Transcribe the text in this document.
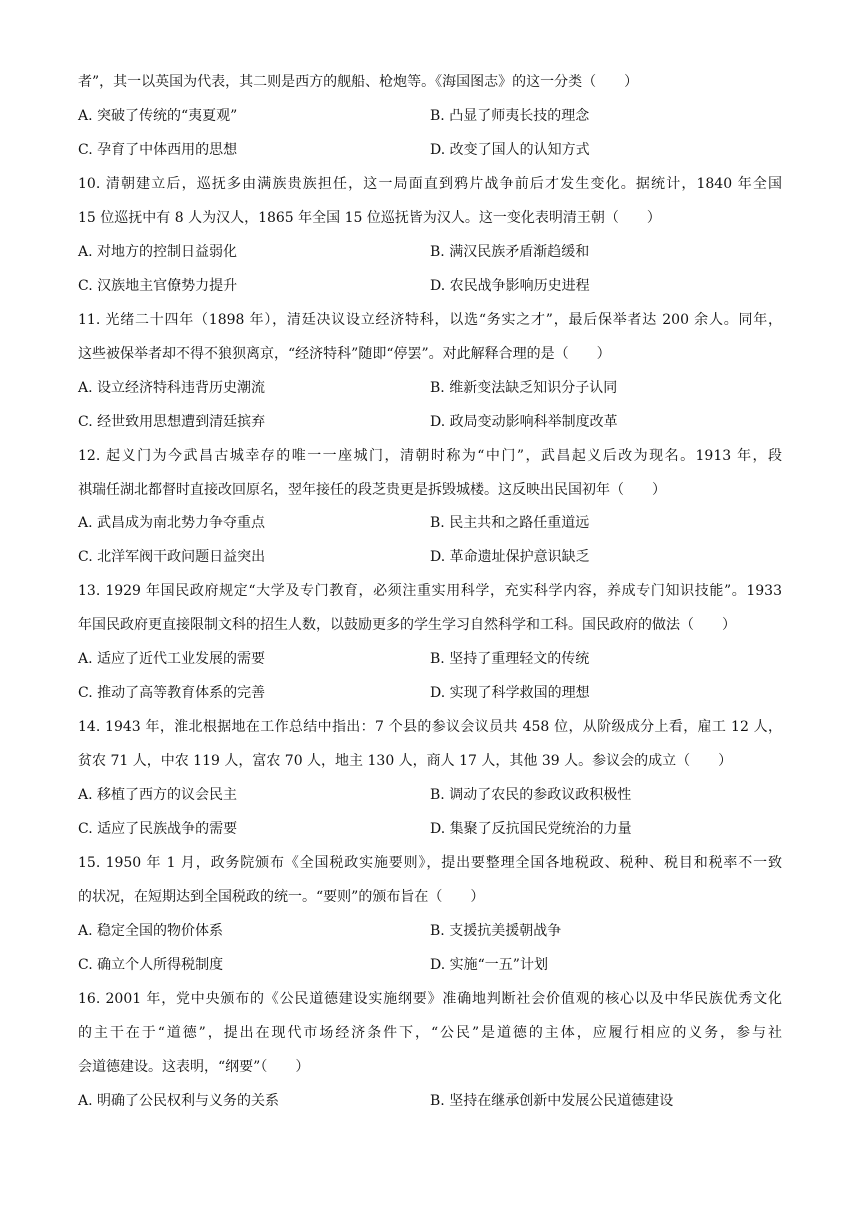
者”，其一以英国为代表，其二则是西方的舰船、枪炮等。《海国图志》的这一分类（　　）
A. 突破了传统的“夷夏观”	B. 凸显了师夷长技的理念
C. 孕育了中体西用的思想	D. 改变了国人的认知方式
10. 清朝建立后，巡抚多由满族贵族担任，这一局面直到鸦片战争前后才发生变化。据统计，1840 年全国
15 位巡抚中有 8 人为汉人，1865 年全国 15 位巡抚皆为汉人。这一变化表明清王朝（　　）
A. 对地方的控制日益弱化	B. 满汉民族矛盾渐趋缓和
C. 汉族地主官僚势力提升	D. 农民战争影响历史进程
11. 光绪二十四年（1898 年），清廷决议设立经济特科，以选“务实之才”，最后保举者达 200 余人。同年，
这些被保举者却不得不狼狈离京，“经济特科”随即“停罢”。对此解释合理的是（　　）
A. 设立经济特科违背历史潮流	B. 维新变法缺乏知识分子认同
C. 经世致用思想遭到清廷摈弃	D. 政局变动影响科举制度改革
12. 起义门为今武昌古城幸存的唯一一座城门，清朝时称为“中门”，武昌起义后改为现名。1913 年，段
祺瑞任湖北都督时直接改回原名，翌年接任的段芝贵更是拆毁城楼。这反映出民国初年（　　）
A. 武昌成为南北势力争夺重点	B. 民主共和之路任重道远
C. 北洋军阀干政问题日益突出	D. 革命遗址保护意识缺乏
13. 1929 年国民政府规定“大学及专门教育，必须注重实用科学，充实科学内容，养成专门知识技能”。1933
年国民政府更直接限制文科的招生人数，以鼓励更多的学生学习自然科学和工科。国民政府的做法（　　）
A. 适应了近代工业发展的需要	B. 坚持了重理轻文的传统
C. 推动了高等教育体系的完善	D. 实现了科学救国的理想
14. 1943 年，淮北根据地在工作总结中指出：7 个县的参议会议员共 458 位，从阶级成分上看，雇工 12 人，
贫农 71 人，中农 119 人，富农 70 人，地主 130 人，商人 17 人，其他 39 人。参议会的成立（　　）
A. 移植了西方的议会民主	B. 调动了农民的参政议政积极性
C. 适应了民族战争的需要	D. 集聚了反抗国民党统治的力量
15. 1950 年 1 月，政务院颁布《全国税政实施要则》，提出要整理全国各地税政、税种、税目和税率不一致
的状况，在短期达到全国税政的统一。“要则”的颁布旨在（　　）
A. 稳定全国的物价体系	B. 支援抗美援朝战争
C. 确立个人所得税制度	D. 实施“一五”计划
16. 2001 年，党中央颁布的《公民道德建设实施纲要》准确地判断社会价值观的核心以及中华民族优秀文化
的主干在于“道德”，提出在现代市场经济条件下，“公民”是道德的主体，应履行相应的义务，参与社
会道德建设。这表明，“纲要”（　　）
A. 明确了公民权利与义务的关系	B. 坚持在继承创新中发展公民道德建设
